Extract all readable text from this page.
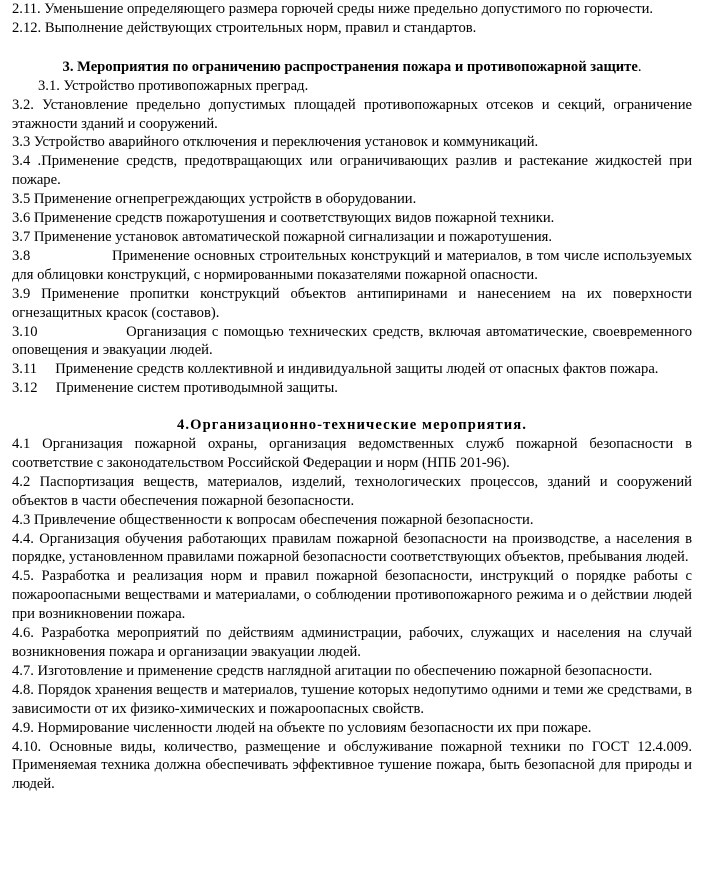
2.11. Уменьшение определяющего размера горючей среды ниже предельно допустимого по горючести.

2.12. Выполнение действующих строительных норм, правил и стандартов.

3. Мероприятия по ограничению распространения пожара и противопожарной защите.

3.1. Устройство противопожарных преград.

3.2. Установление предельно допустимых площадей противопожарных отсеков и секций, ограничение этажности зданий и сооружений.

3.3 Устройство аварийного отключения и переключения установок и коммуникаций.

3.4 .Применение средств, предотвращающих или ограничивающих разлив и растекание жидкостей при пожаре.

3.5 Применение огнепрегреждающих устройств в оборудовании.

3.6 Применение средств пожаротушения и соответствующих видов пожарной техники.

3.7 Применение установок автоматической пожарной сигнализации и пожаротушения.

3.8                   Применение основных строительных конструкций и материалов, в том числе используемых для облицовки конструкций, с нормированными показателями пожарной опасности.

3.9 Применение пропитки конструкций объектов антипиринами и нанесением на их поверхности огнезащитных красок (составов).

3.10                 Организация с помощью технических средств, включая автоматические, своевременного оповещения и эвакуации людей.

3.11     Применение средств коллективной и индивидуальной защиты людей от опасных фактов пожара.

3.12     Применение систем противодымной защиты.

4.Организационно-технические мероприятия.

4.1 Организация пожарной охраны, организация ведомственных служб пожарной безопасности в соответствие с законодательством Российской Федерации и норм (НПБ 201-96).

4.2 Паспортизация веществ, материалов, изделий, технологических процессов, зданий и сооружений объектов в части обеспечения пожарной безопасности.

4.3 Привлечение общественности к вопросам обеспечения пожарной безопасности.

4.4. Организация обучения работающих правилам пожарной безопасности на производстве, а населения в порядке, установленном правилами пожарной безопасности соответствующих объектов, пребывания людей.

4.5. Разработка и реализация норм и правил пожарной безопасности, инструкций о порядке работы с пожароопасными веществами и материалами, о соблюдении противопожарного режима и о действии людей при возникновении пожара.

4.6. Разработка мероприятий по действиям администрации, рабочих, служащих и населения на случай возникновения пожара и организации эвакуации людей.

4.7. Изготовление и применение средств наглядной агитации по обеспечению пожарной безопасности.

4.8. Порядок хранения веществ и материалов, тушение которых недопутимо одними и теми же средствами, в зависимости от их физико-химических и пожароопасных свойств.

4.9. Нормирование численности людей на объекте по условиям безопасности их при пожаре.

4.10. Основные виды, количество, размещение и обслуживание пожарной техники по ГОСТ 12.4.009. Применяемая техника должна обеспечивать эффективное тушение пожара, быть безопасной для природы и людей.
